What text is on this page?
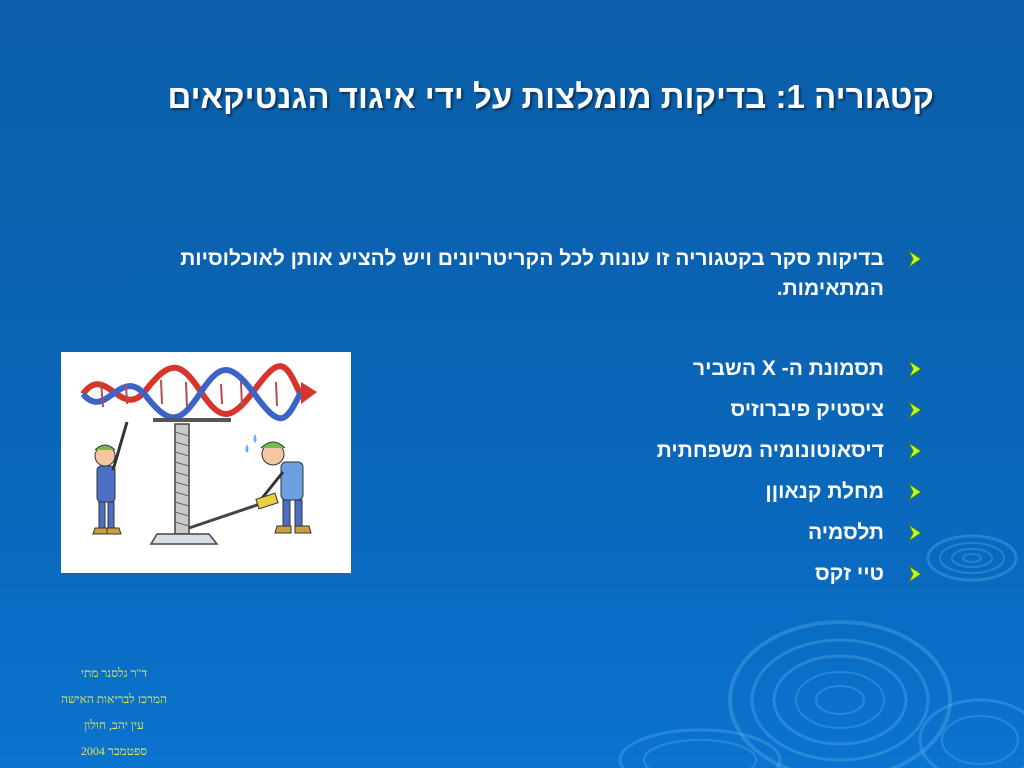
קטגוריה 1: בדיקות מומלצות על ידי איגוד הגנטיקאים
בדיקות סקר בקטגוריה זו עונות לכל הקריטריונים ויש להציע אותן לאוכלוסיות המתאימות.
תסמונת ה- X השביר
ציסטיק פיברוזיס
דיסאוטונומיה משפחתית
מחלת קנאוןן
תלסמיה
טיי זקס
ד"ר גלסנר מתי
המרכז לבריאות האישה
עין יהב, חולון
ספטמבר 2004
